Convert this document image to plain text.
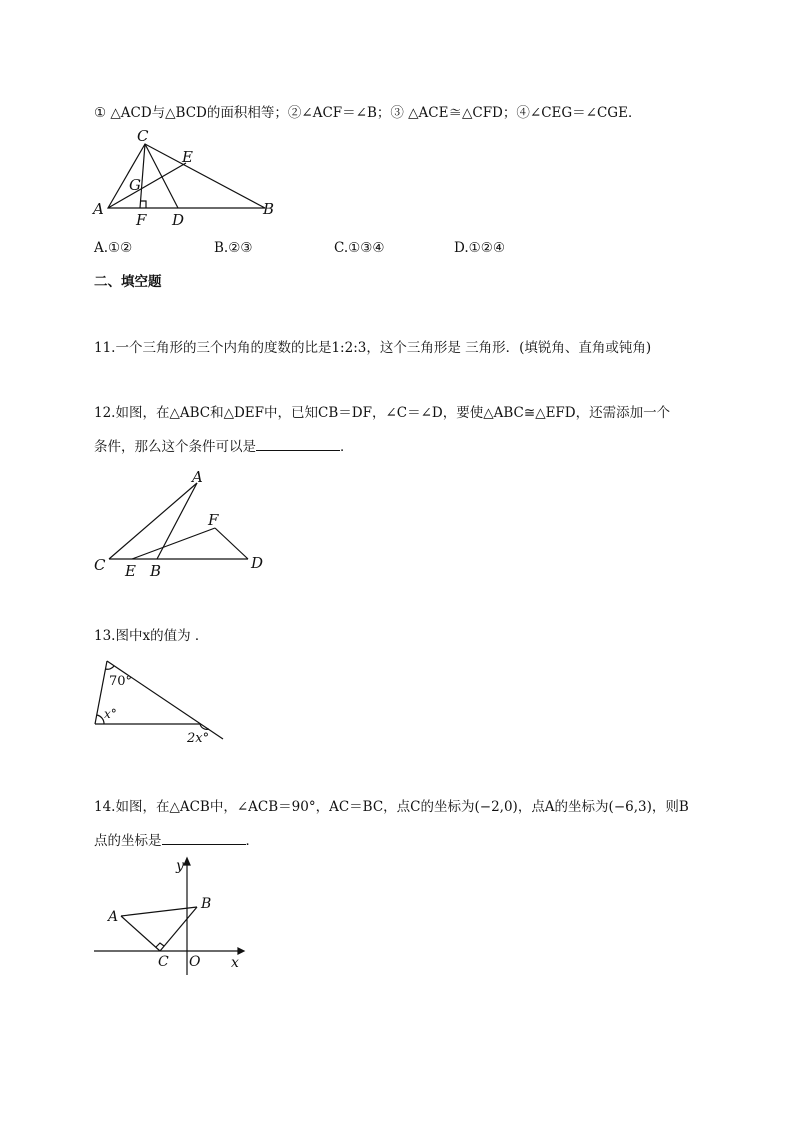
① △ACD与△BCD的面积相等；②∠ACF＝∠B；③ △ACE≅△CFD；④∠CEG＝∠CGE．
C
E
G
A
F D
B
A.①②	B.②③	C.①③④	D.①②④
二、填空题
11.一个三角形的三个内角的度数的比是1:2:3，这个三角形是 三角形．(填锐角、直角或钝角)
12.如图，在△ABC和△DEF中，已知CB＝DF，∠C＝∠D，要使△ABC≅△EFD，还需添加一个
条件，那么这个条件可以是	．
A
F
C E B	D
13.图中x的值为 ．
70°
x°
2x°
14.如图，在△ACB中，∠ACB＝90°，AC＝BC，点C的坐标为(−2,0)，点A的坐标为(−6,3)，则B
点的坐标是	．
y
x
A
B
C O
